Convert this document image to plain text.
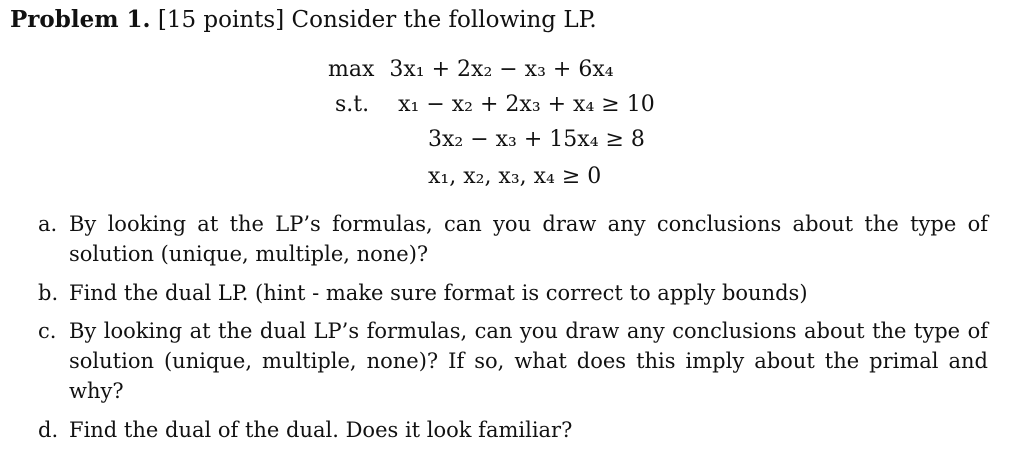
Problem 1. [15 points] Consider the following LP.
max 3x₁ + 2x₂ − x₃ + 6x₄
s.t. x₁ − x₂ + 2x₃ + x₄ ≥ 10
3x₂ − x₃ + 15x₄ ≥ 8
x₁, x₂, x₃, x₄ ≥ 0
a. By looking at the LP’s formulas, can you draw any conclusions about the type of solution (unique, multiple, none)?
b. Find the dual LP. (hint - make sure format is correct to apply bounds)
c. By looking at the dual LP’s formulas, can you draw any conclusions about the type of solution (unique, multiple, none)? If so, what does this imply about the primal and why?
d. Find the dual of the dual. Does it look familiar?
